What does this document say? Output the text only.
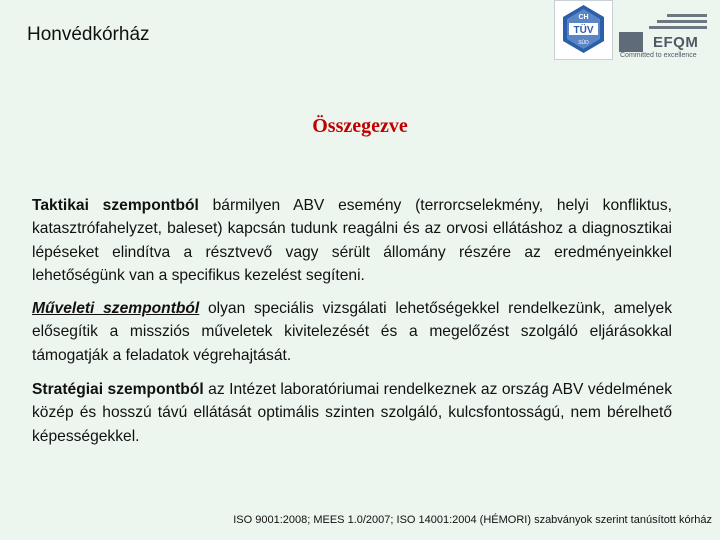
Honvédkórház
CH
TÜV
SÜD	EFQM
Committed to excellence
Összegezve

Taktikai szempontból bármilyen ABV esemény (terrorcselekmény, helyi konfliktus, katasztrófahelyzet, baleset) kapcsán tudunk reagálni és az orvosi ellátáshoz a diagnosztikai lépéseket elindítva a résztvevő vagy sérült állomány részére az eredményeinkkel lehetőségünk van a specifikus kezelést segíteni.

Műveleti szempontból olyan speciális vizsgálati lehetőségekkel rendelkezünk, amelyek elősegítik a missziós műveletek kivitelezését és a megelőzést szolgáló eljárásokkal támogatják a feladatok végrehajtását.

Stratégiai szempontból az Intézet laboratóriumai rendelkeznek az ország ABV védelmének közép és hosszú távú ellátását optimális szinten szolgáló, kulcsfontosságú, nem bérelhető képességekkel.

ISO 9001:2008; MEES 1.0/2007; ISO 14001:2004 (HÉMORI) szabványok szerint tanúsított kórház
